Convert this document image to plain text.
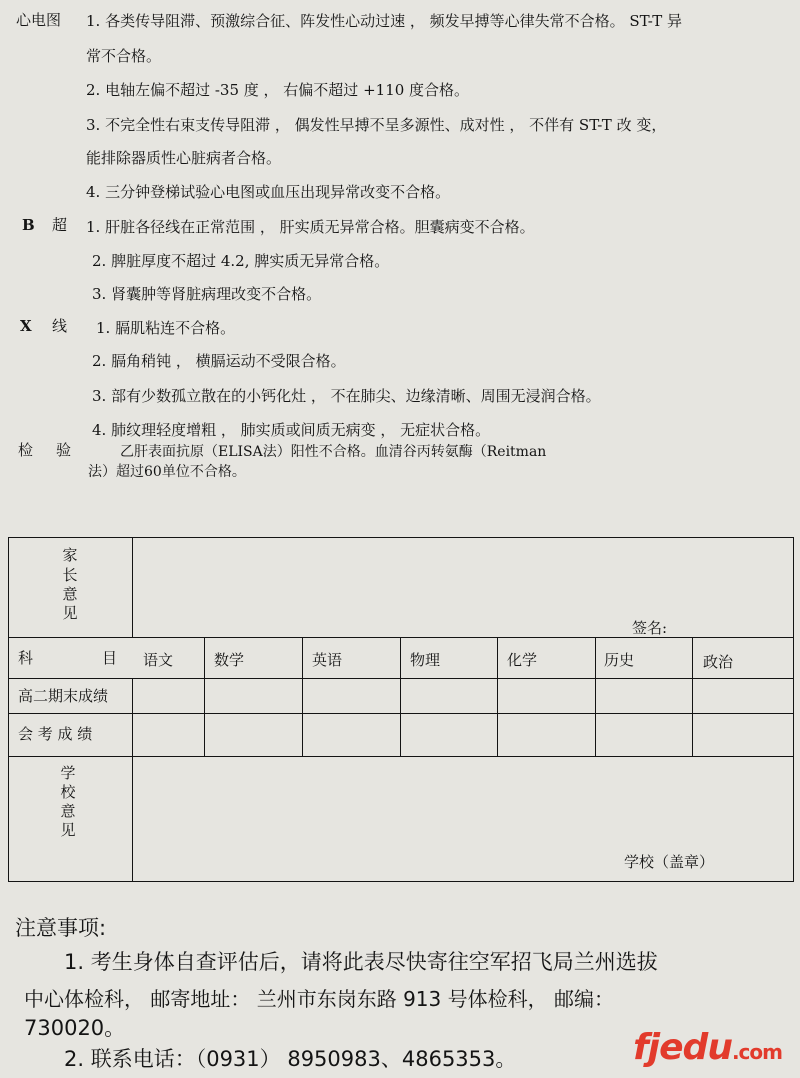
心电图 1. 各类传导阻滞、预激综合征、阵发性心动过速 ， 频发早搏等心律失常不合格。 ST-T 异
常不合格。
2. 电轴左偏不超过 -35 度 ， 右偏不超过 +110 度合格。
3. 不完全性右束支传导阻滞 ， 偶发性早搏不呈多源性、成对性 ， 不伴有 ST-T 改 变，
能排除器质性心脏病者合格。
4. 三分钟登梯试验心电图或血压出现异常改变不合格。
B 超 1. 肝脏各径线在正常范围 ， 肝实质无异常合格。胆囊病变不合格。
2. 脾脏厚度不超过 4.2, 脾实质无异常合格。
3. 肾囊肿等肾脏病理改变不合格。
X 线 1. 膈肌粘连不合格。
2. 膈角稍钝 ， 横膈运动不受限合格。
3. 部有少数孤立散在的小钙化灶 ， 不在肺尖、边缘清晰、周围无浸润合格。
4. 肺纹理轻度增粗 ， 肺实质或间质无病变 ， 无症状合格。
检 验	乙肝表面抗原（ELISA法）阳性不合格。血清谷丙转氨酶（Reitman
法）超过60单位不合格。
家
长
意
见
签名:
科	目 语文	数学	英语	物理	化学	历史	政治
高二期末成绩
会 考 成 绩
学
校
意
见
学校（盖章）
注意事项:
1. 考生身体自查评估后，请将此表尽快寄往空军招飞局兰州选拔
中心体检科， 邮寄地址： 兰州市东岗东路 913 号体检科， 邮编：
730020。
2. 联系电话：（0931） 8950983、4865353。	fjedu.com
